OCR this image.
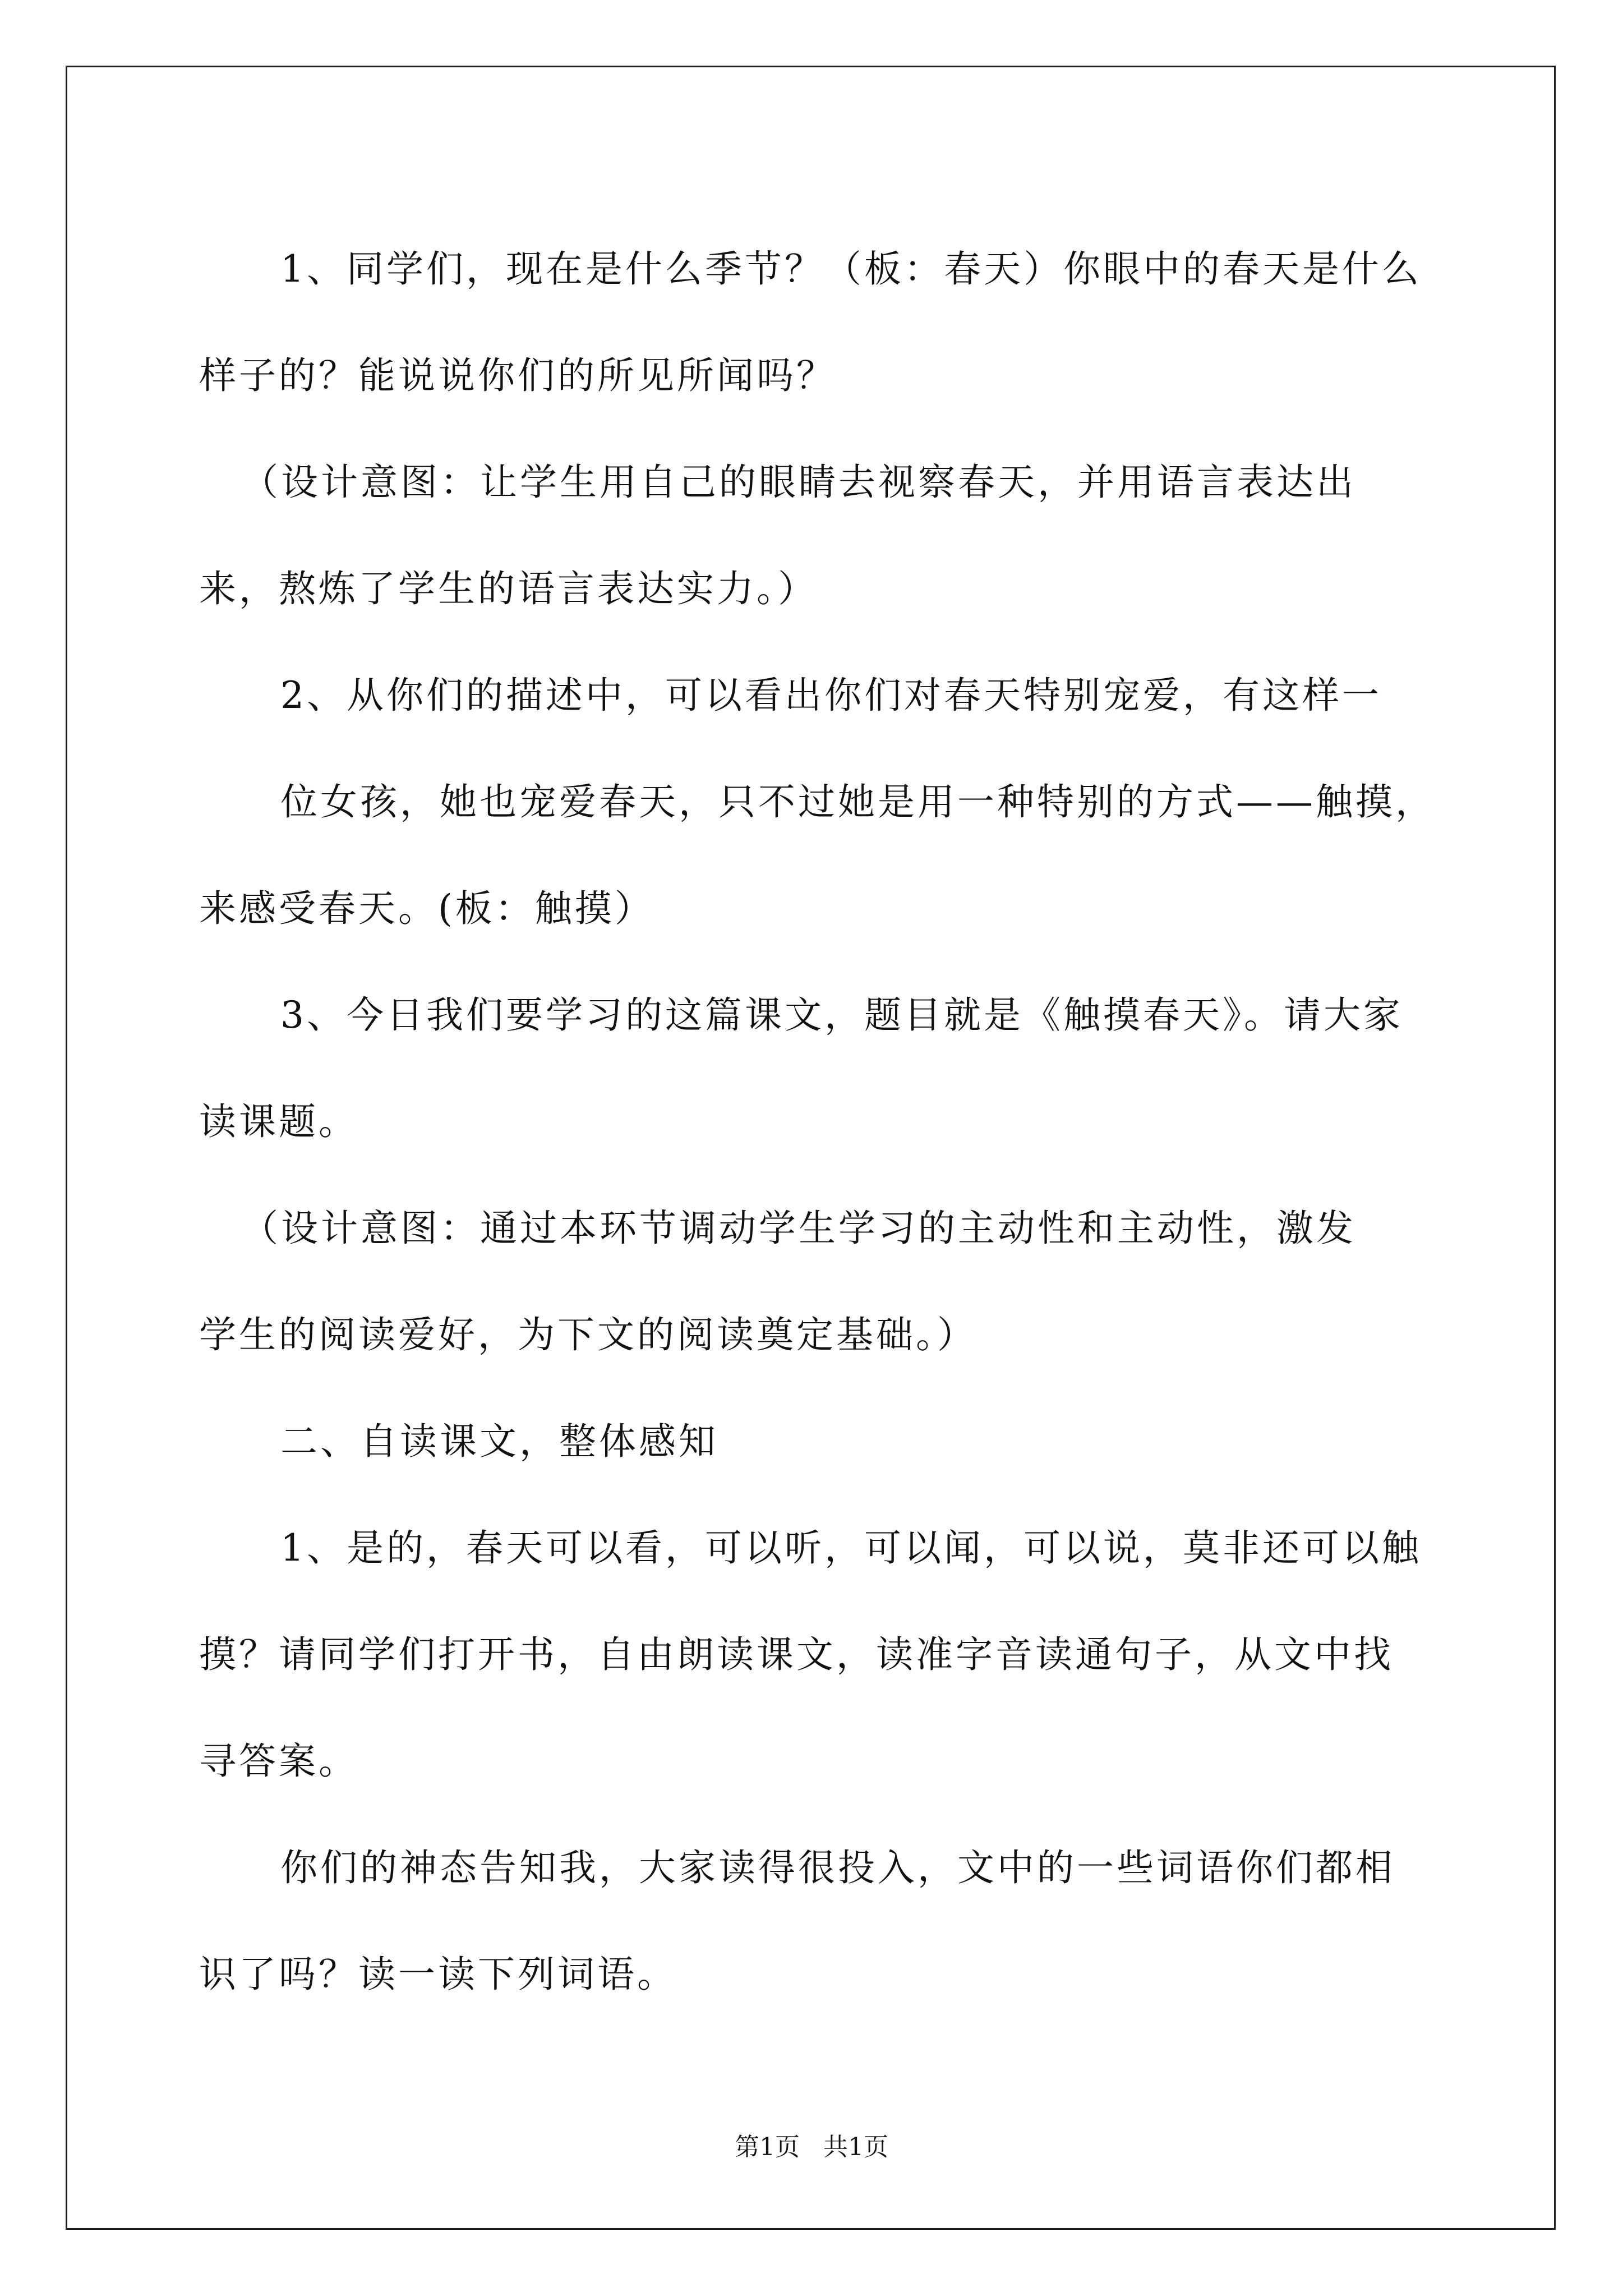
1、同学们，现在是什么季节？（板：春天）你眼中的春天是什么

样子的？能说说你们的所见所闻吗？

（设计意图：让学生用自己的眼睛去视察春天，并用语言表达出

来，熬炼了学生的语言表达实力。）

2、从你们的描述中，可以看出你们对春天特别宠爱，有这样一

位女孩，她也宠爱春天，只不过她是用一种特别的方式——触摸，

来感受春天。(板：触摸）

3、今日我们要学习的这篇课文，题目就是《触摸春天》。请大家

读课题。

（设计意图：通过本环节调动学生学习的主动性和主动性，激发

学生的阅读爱好，为下文的阅读奠定基础。）

二、自读课文，整体感知

1、是的，春天可以看，可以听，可以闻，可以说，莫非还可以触

摸？请同学们打开书，自由朗读课文，读准字音读通句子，从文中找

寻答案。

你们的神态告知我，大家读得很投入，文中的一些词语你们都相

识了吗？读一读下列词语。

第1页   共1页
